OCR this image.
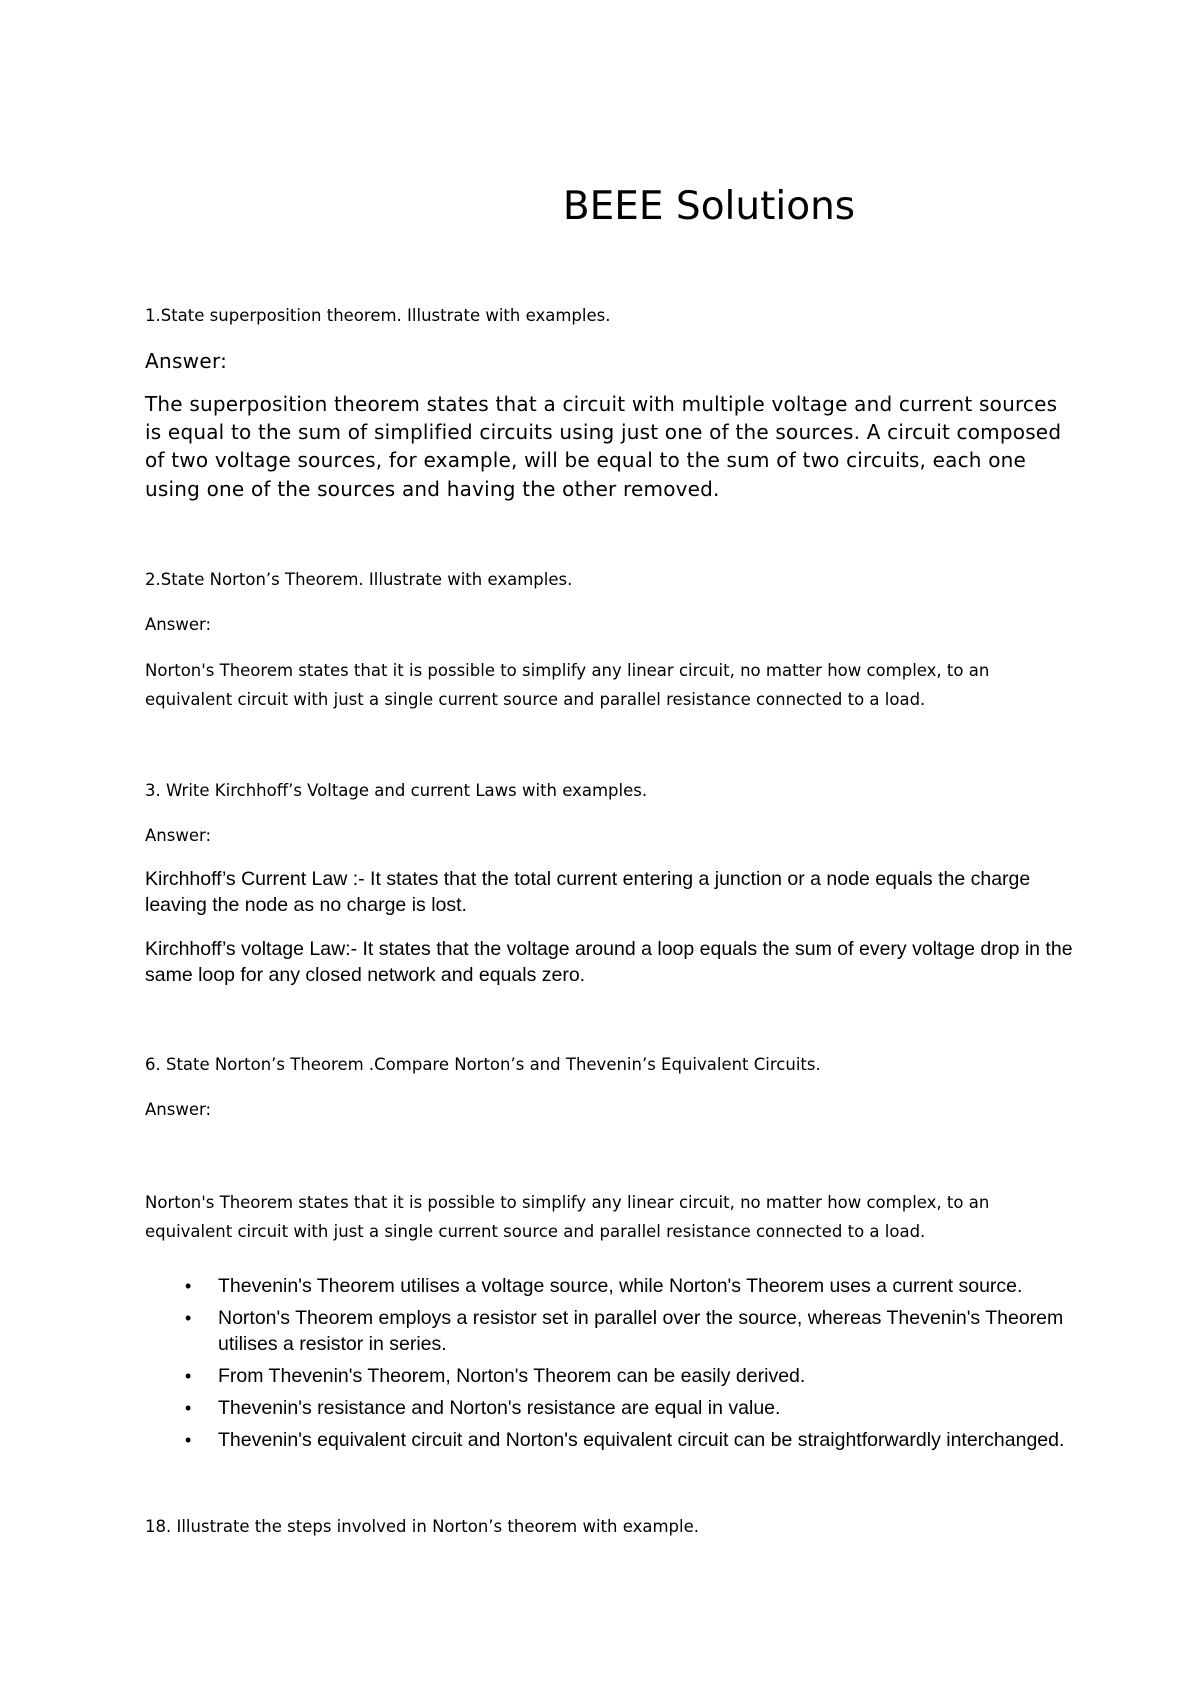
BEEE Solutions

1.State superposition theorem. Illustrate with examples.

Answer:

The superposition theorem states that a circuit with multiple voltage and current sources is equal to the sum of simplified circuits using just one of the sources. A circuit composed of two voltage sources, for example, will be equal to the sum of two circuits, each one using one of the sources and having the other removed.

2.State Norton’s Theorem. Illustrate with examples.

Answer:

Norton's Theorem states that it is possible to simplify any linear circuit, no matter how complex, to an equivalent circuit with just a single current source and parallel resistance connected to a load.

3. Write Kirchhoff’s Voltage and current Laws with examples.

Answer:

Kirchhoff’s Current Law :- It states that the total current entering a junction or a node equals the charge leaving the node as no charge is lost.

Kirchhoff’s voltage Law:- It states that the voltage around a loop equals the sum of every voltage drop in the same loop for any closed network and equals zero.

6. State Norton’s Theorem .Compare Norton’s and Thevenin’s Equivalent Circuits.

Answer:

Norton's Theorem states that it is possible to simplify any linear circuit, no matter how complex, to an equivalent circuit with just a single current source and parallel resistance connected to a load.

• Thevenin's Theorem utilises a voltage source, while Norton's Theorem uses a current source.
• Norton's Theorem employs a resistor set in parallel over the source, whereas Thevenin's Theorem utilises a resistor in series.
• From Thevenin's Theorem, Norton's Theorem can be easily derived.
• Thevenin's resistance and Norton's resistance are equal in value.
• Thevenin's equivalent circuit and Norton's equivalent circuit can be straightforwardly interchanged.

18. Illustrate the steps involved in Norton’s theorem with example.
